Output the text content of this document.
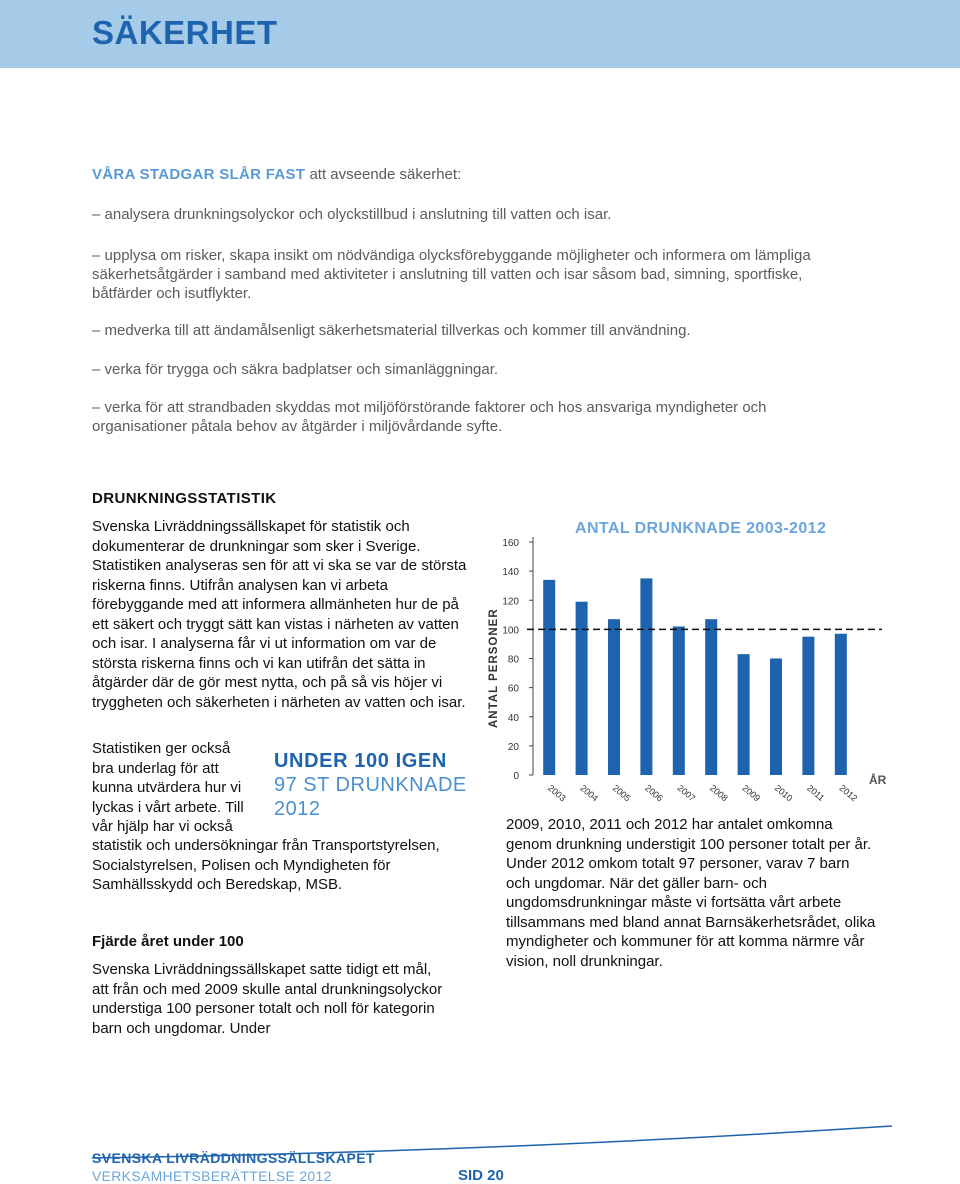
SÄKERHET
VÅRA STADGAR SLÅR FAST att avseende säkerhet:
– analysera drunkningsolyckor och olyckstillbud i anslutning till vatten och isar.
– upplysa om risker, skapa insikt om nödvändiga olycksförebyggande möjligheter och informera om lämpliga säkerhetsåtgärder i samband med aktiviteter i anslutning till vatten och isar såsom bad, simning, sportfiske, båtfärder och isutflykter.
– medverka till att ändamålsenligt säkerhetsmaterial tillverkas och kommer till användning.
– verka för trygga och säkra badplatser och simanläggningar.
– verka för att strandbaden skyddas mot miljöförstörande faktorer och hos ansvariga myndigheter och organisationer påtala behov av åtgärder i miljövårdande syfte.
DRUNKNINGSSTATISTIK
Svenska Livräddningssällskapet för statistik och dokumenterar de drunkningar som sker i Sverige. Statistiken analyseras sen för att vi ska se var de största riskerna finns. Utifrån analysen kan vi arbeta förebyggande med att informera allmänheten hur de på ett säkert och tryggt sätt kan vistas i närheten av vatten och isar. I analyserna får vi ut information om var de största riskerna finns och vi kan utifrån det sätta in åtgärder där de gör mest nytta, och på så vis höjer vi tryggheten och säkerheten i närheten av vatten och isar.
Statistiken ger också
bra underlag för att
kunna utvärdera hur vi
lyckas i vårt arbete. Till
vår hjälp har vi också
statistik och undersökningar från Transportstyrelsen, Socialstyrelsen, Polisen och Myndigheten för Samhällsskydd och Beredskap, MSB.
UNDER 100 IGEN
97 ST DRUNKNADE
2012
Fjärde året under 100
Svenska Livräddningssällskapet satte tidigt ett mål, att från och med 2009 skulle antal drunkningsolyckor understiga 100 personer totalt och noll för kategorin barn och ungdomar. Under
2009, 2010, 2011 och 2012 har antalet omkomna genom drunkning understigit 100 personer totalt per år. Under 2012 omkom totalt 97 personer, varav 7 barn och ungdomar. När det gäller barn- och ungdomsdrunkningar måste vi fortsätta vårt arbete tillsammans med bland annat Barnsäkerhetsrådet, olika myndigheter och kommuner för att komma närmre vår vision, noll drunkningar.
ANTAL DRUNKNADE 2003-2012
ANTAL PERSONER
ÅR
0
20
40
60
80
100
120
140
160
2003 2004 2005 2006 2007 2008 2009 2010 2011 2012
SVENSKA LIVRÄDDNINGSSÄLLSKAPET
VERKSAMHETSBERÄTTELSE 2012	SID 20
